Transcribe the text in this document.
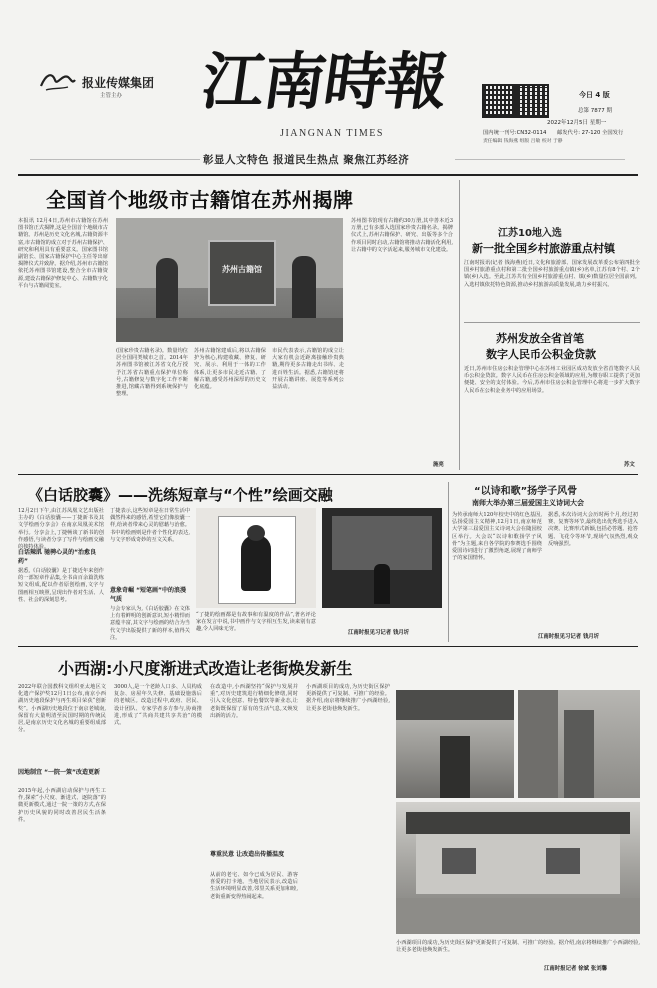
报业传媒集团
主管主办	江南時報
JIANGNAN TIMES
今日 4 版
总第 7877 期
2022年12月5日 星期一
国内统一刊号:CN32-0114 邮发代号: 27-120 全国发行
责任编辑 钱海燕 组版 吕敏 校对 于静
彰显人文特色 报道民生热点 聚焦江苏经济
全国首个地级市古籍馆在苏州揭牌
本报讯 12月4日,苏州市古籍馆在苏州图书馆正式揭牌,这是全国首个地级市古籍馆。苏州是历史文化名城,古籍资源丰富,市古籍馆的成立对于苏州古籍保护、研究和利用具有重要意义。国家图书馆副馆长、国家古籍保护中心主任等出席揭牌仪式并致辞。据介绍,苏州市古籍馆依托苏州图书馆建设,整合全市古籍资源,建设古籍保护修复中心、古籍数字化平台与古籍阅览室。
苏州古籍馆
苏州图书馆现有古籍约30万册,其中善本近3万册,已有多部入选国家珍贵古籍名录。揭牌仪式上,苏州古籍保护、研究、出版等多个合作项目同时启动,古籍馆将推动古籍活化利用,让古籍中的文字活起来,服务城市文化建设。
(国家珍贵古籍名录)。数量均位居全国同类城市之首。2014年苏州图书馆被江苏省文化厅授予江苏省古籍重点保护单位称号,古籍修复与数字化工作不断推进,馆藏古籍得到系统保护与整理。
苏州古籍馆建成后,将以古籍保护为核心,构建收藏、修复、研究、展示、利用于一体的工作体系,让更多市民走近古籍、了解古籍,感受苏州深厚的历史文化底蕴。
市民代表表示,古籍馆的成立让大家有机会近距离接触珍贵典籍,期待更多古籍走出书库、走进百姓生活。据悉,古籍馆还将开展古籍讲座、展览等系列公益活动。
施亮
江苏10地入选
新一批全国乡村旅游重点村镇
江南时报讯(记者 钱海燕)近日,文化和旅游部、国家发展改革委公布第四批全国乡村旅游重点村和第二批全国乡村旅游重点镇(乡)名单,江苏有8个村、2个镇(乡)入选。至此,江苏共有全国乡村旅游重点村、镇(乡)数量位居全国前列。入选村镇依托特色资源,推动乡村旅游高质量发展,助力乡村振兴。
苏州发放全省首笔
数字人民币公积金贷款
近日,苏州市住房公积金管理中心在苏州工业园区成功发放全省首笔数字人民币公积金贷款。数字人民币在住房公积金领域的应用,为缴存职工提供了更加便捷、安全的支付体验。今后,苏州市住房公积金管理中心将进一步扩大数字人民币在公积金业务中的应用场景。
苏文
《白话胶囊》——洗练短章与“个性”绘画交融
12月2日下午,由江苏凤凰文艺出版社主办的《白话胶囊——丁捷新书及其文学绘画分享会》在南京凤凰美术馆举行。分享会上,丁捷畅谈了新书的创作感悟,与读者分享了写作与绘画交融的独特体验。
白话辣肌 驰骋心灵的“治愈良药”
据悉,《白话胶囊》是丁捷近年来创作的一部短章作品集,全书由百余篇洗练短文组成,配以作者原创绘画,文字与图画相互映照,呈现出作者对生活、人性、社会的深刻思考。
丁捷表示,这些短章是在日常生活中偶然得来的感悟,希望它们像胶囊一样,给读者带来心灵的慰藉与治愈。书中的绘画则是作者个性化的表达,与文字形成奇妙的互文关系。
意象奇崛 “短笔画”中的浪漫气质
与会专家认为,《白话胶囊》在文体上有着鲜明的创新意识,短小精悍而意蕴丰富,其文字与绘画的结合为当代文学出版提供了新的样本,值得关注。
“了捷的绘画都是有故事和有温度的作品”,著名评论家在发言中说,书中画作与文字相互生发,读来别有意趣,令人回味无穷。
江南时报见习记者 钱月圻
“以诗和歌”扬学子风骨
南师大举办第三届爱国主义诗词大会
为传承南师大120年校史中的红色基因,弘扬爱国主义精神,12月1日,南京师范大学第三届爱国主义诗词大会在随园校区举行。大会以“以诗和歌扬学子风骨”为主题,来自各学院的参赛选手围绕爱国诗词进行了激烈角逐,展现了南师学子的家国情怀。
据悉,本次诗词大会历时两个月,经过初赛、复赛等环节,最终选出优秀选手进入决赛。比赛形式新颖,包括必答题、抢答题、飞花令等环节,现场气氛热烈,观众反响强烈。
江南时报见习记者 钱月圻
小西湖:小尺度渐进式改造让老街焕发新生
2022年联合国教科文组织亚太地区文化遗产保护奖12月1日公布,南京小西湖历史地段保护与再生项目荣获“创新奖”。小西湖历史地段位于南京老城南,保留有大量明清至民国时期的传统民居,是南京历史文化名城的重要组成部分。
因地制宜 “一院一策”改造更新
2015年起,小西湖启动保护与再生工作,探索“小尺度、渐进式、逐院落”的微更新模式,通过一院一策的方式,在保护历史风貌的同时改善居民生活条件。
3000人,是一个老龄人口多、人员构成复杂、房屋年久失修、基础设施落后的老城区。改造过程中,政府、居民、设计团队、专家学者多方参与,协商推进,形成了“共商共建共享共治”的模式。
在改造中,小西湖坚持“保护与发展并重”,对历史建筑进行精细化修缮,同时引入文化创意、特色餐饮等新业态,让老街既保留了原有的生活气息,又焕发出新的活力。
尊重民意 让改造出传播温度
从前的老宅、如今已成为居民、游客喜爱的打卡地。当地居民表示,改造后生活环境明显改善,邻里关系更加和睦,老街重新变得热闹起来。
小西湖项目的成功,为历史街区保护更新提供了可复制、可推广的经验。据介绍,南京将继续推广小西湖经验,让更多老街巷焕发新生。
小西湖项目的成功,为历史街区保护更新提供了可复制、可推广的经验。据介绍,南京将继续推广小西湖经验,让更多老街巷焕发新生。
江南时报记者 徐斌 张刘馨
